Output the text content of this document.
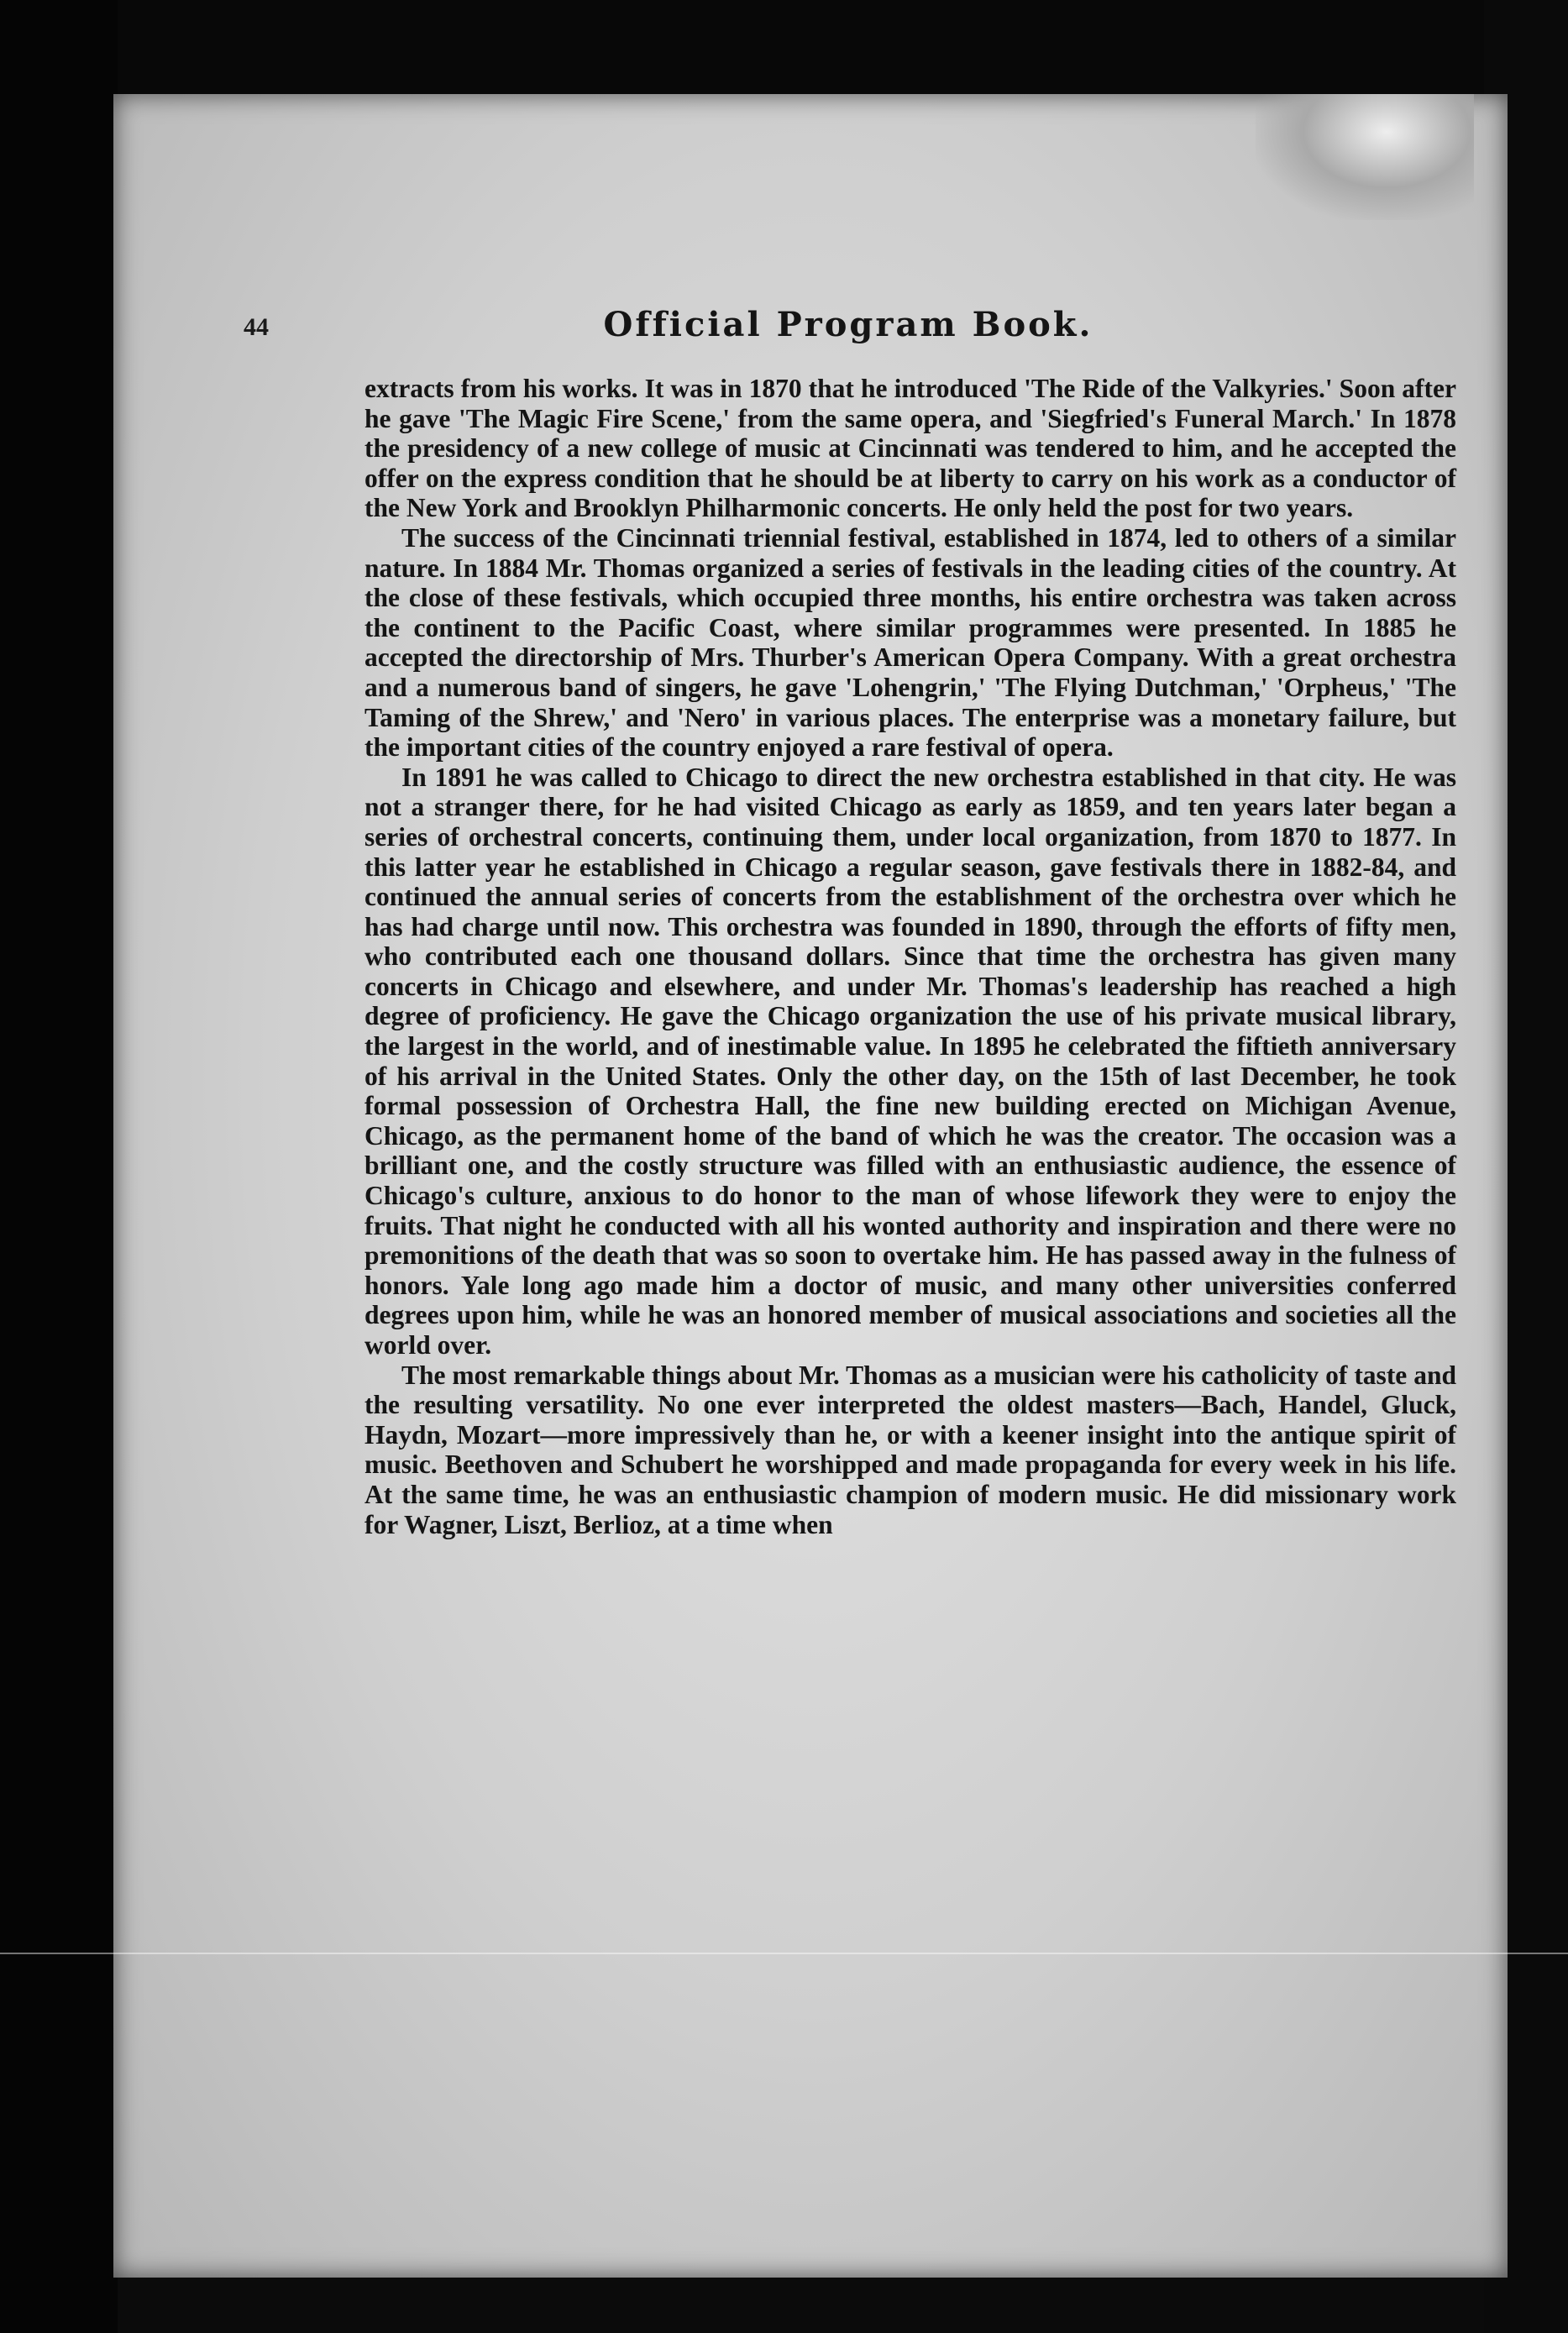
44	Official Program Book.

extracts from his works. It was in 1870 that he introduced 'The Ride of the Valkyries.' Soon after he gave 'The Magic Fire Scene,' from the same opera, and 'Siegfried's Funeral March.' In 1878 the presidency of a new college of music at Cincinnati was tendered to him, and he accepted the offer on the express condition that he should be at liberty to carry on his work as a conductor of the New York and Brooklyn Philharmonic concerts. He only held the post for two years.

The success of the Cincinnati triennial festival, established in 1874, led to others of a similar nature. In 1884 Mr. Thomas organized a series of festivals in the leading cities of the country. At the close of these festivals, which occupied three months, his entire orchestra was taken across the continent to the Pacific Coast, where similar programmes were presented. In 1885 he accepted the directorship of Mrs. Thurber's American Opera Company. With a great orchestra and a numerous band of singers, he gave 'Lohengrin,' 'The Flying Dutchman,' 'Orpheus,' 'The Taming of the Shrew,' and 'Nero' in various places. The enterprise was a monetary failure, but the important cities of the country enjoyed a rare festival of opera.

In 1891 he was called to Chicago to direct the new orchestra established in that city. He was not a stranger there, for he had visited Chicago as early as 1859, and ten years later began a series of orchestral concerts, continuing them, under local organization, from 1870 to 1877. In this latter year he established in Chicago a regular season, gave festivals there in 1882-84, and continued the annual series of concerts from the establishment of the orchestra over which he has had charge until now. This orchestra was founded in 1890, through the efforts of fifty men, who contributed each one thousand dollars. Since that time the orchestra has given many concerts in Chicago and elsewhere, and under Mr. Thomas's leadership has reached a high degree of proficiency. He gave the Chicago organization the use of his private musical library, the largest in the world, and of inestimable value. In 1895 he celebrated the fiftieth anniversary of his arrival in the United States. Only the other day, on the 15th of last December, he took formal possession of Orchestra Hall, the fine new building erected on Michigan Avenue, Chicago, as the permanent home of the band of which he was the creator. The occasion was a brilliant one, and the costly structure was filled with an enthusiastic audience, the essence of Chicago's culture, anxious to do honor to the man of whose lifework they were to enjoy the fruits. That night he conducted with all his wonted authority and inspiration and there were no premonitions of the death that was so soon to overtake him. He has passed away in the fulness of honors. Yale long ago made him a doctor of music, and many other universities conferred degrees upon him, while he was an honored member of musical associations and societies all the world over.

The most remarkable things about Mr. Thomas as a musician were his catholicity of taste and the resulting versatility. No one ever interpreted the oldest masters—Bach, Handel, Gluck, Haydn, Mozart—more impressively than he, or with a keener insight into the antique spirit of music. Beethoven and Schubert he worshipped and made propaganda for every week in his life. At the same time, he was an enthusiastic champion of modern music. He did missionary work for Wagner, Liszt, Berlioz, at a time when
